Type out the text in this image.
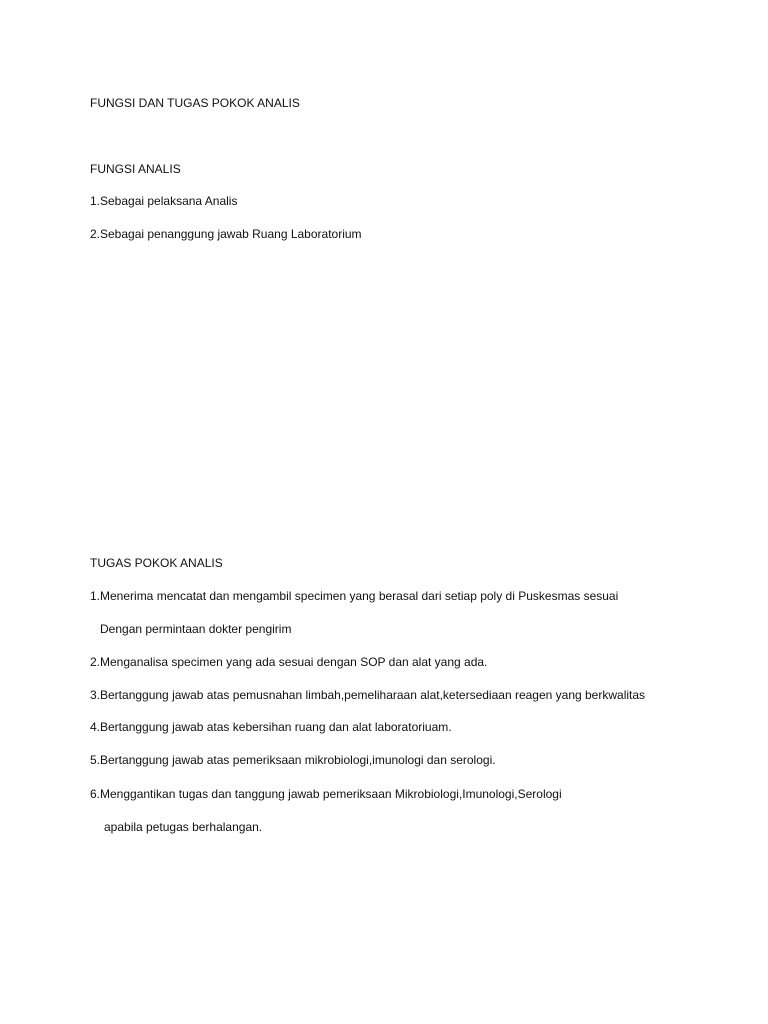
FUNGSI DAN TUGAS POKOK ANALIS
FUNGSI ANALIS
1.Sebagai pelaksana Analis
2.Sebagai penanggung jawab Ruang Laboratorium
TUGAS POKOK ANALIS
1.Menerima mencatat dan mengambil specimen yang berasal dari setiap poly di Puskesmas sesuai
Dengan permintaan dokter pengirim
2.Menganalisa specimen yang ada sesuai dengan SOP dan alat yang ada.
3.Bertanggung jawab atas pemusnahan limbah,pemeliharaan alat,ketersediaan reagen yang berkwalitas
4.Bertanggung jawab atas kebersihan ruang dan alat laboratoriuam.
5.Bertanggung jawab atas pemeriksaan mikrobiologi,imunologi dan serologi.
6.Menggantikan tugas dan tanggung jawab pemeriksaan Mikrobiologi,Imunologi,Serologi
apabila petugas berhalangan.
